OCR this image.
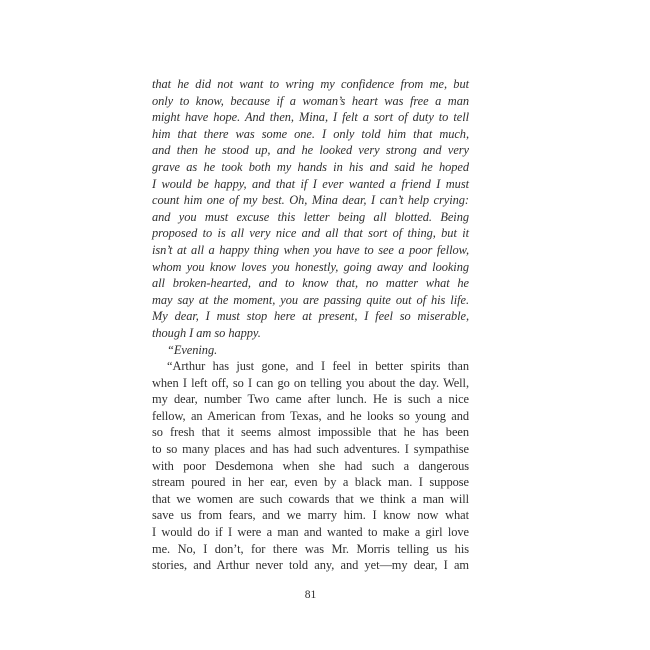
that he did not want to wring my confidence from me, but
only to know, because if a woman’s heart was free a man
might have hope. And then, Mina, I felt a sort of duty to tell
him that there was some one. I only told him that much,
and then he stood up, and he looked very strong and very
grave as he took both my hands in his and said he hoped
I would be happy, and that if I ever wanted a friend I must
count him one of my best. Oh, Mina dear, I can’t help crying:
and you must excuse this letter being all blotted. Being
proposed to is all very nice and all that sort of thing, but it
isn’t at all a happy thing when you have to see a poor fellow,
whom you know loves you honestly, going away and looking
all broken-hearted, and to know that, no matter what he
may say at the moment, you are passing quite out of his life.
My dear, I must stop here at present, I feel so miserable,
though I am so happy.
“Evening.
“Arthur has just gone, and I feel in better spirits than
when I left off, so I can go on telling you about the day. Well,
my dear, number Two came after lunch. He is such a nice
fellow, an American from Texas, and he looks so young and
so fresh that it seems almost impossible that he has been
to so many places and has had such adventures. I sympathise
with poor Desdemona when she had such a dangerous
stream poured in her ear, even by a black man. I suppose
that we women are such cowards that we think a man will
save us from fears, and we marry him. I know now what
I would do if I were a man and wanted to make a girl love
me. No, I don’t, for there was Mr. Morris telling us his
stories, and Arthur never told any, and yet—my dear, I am
81
